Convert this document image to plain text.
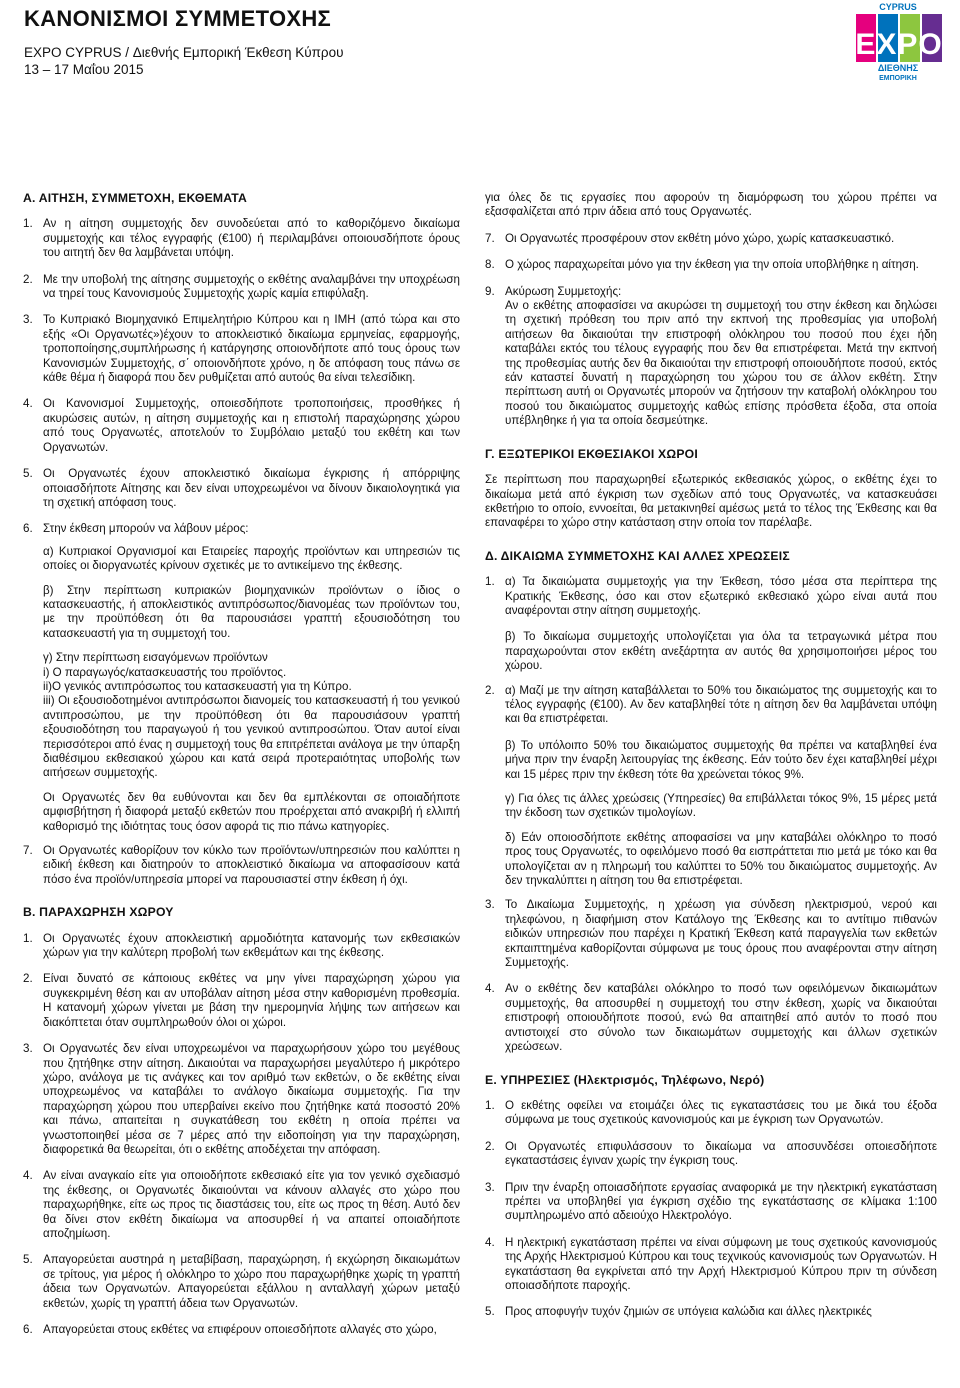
ΚΑΝΟΝΙΣΜΟΙ ΣΥΜΜΕΤΟΧΗΣ
EXPO CYPRUS / Διεθνής Εμπορική Έκθεση Κύπρου
13 – 17 Μαΐου 2015
CYPRUS
EXPO
ΔΙΕΘΝΗΣ
ΕΜΠΟΡΙΚΗ
Α. ΑΙΤΗΣΗ, ΣΥΜΜΕΤΟΧΗ, ΕΚΘΕΜΑΤΑ
1. Αν η αίτηση συμμετοχής δεν συνοδεύεται από το καθοριζόμενο δικαίωμα συμμετοχής και τέλος εγγραφής (€100) ή περιλαμβάνει οποιουσδήποτε όρους του αιτητή δεν θα λαμβάνεται υπόψη.
2. Με την υποβολή της αίτησης συμμετοχής ο εκθέτης αναλαμβάνει την υποχρέωση να τηρεί τους Κανονισμούς Συμμετοχής χωρίς καμία επιφύλαξη.
3. Το Κυπριακό Βιομηχανικό Επιμελητήριο Κύπρου και η ΙΜΗ (από τώρα και στο εξής «Οι Οργανωτές»)έχουν το αποκλειστικό δικαίωμα ερμηνείας, εφαρμογής, τροποποίησης,συμπλήρωσης ή κατάργησης οποιονδήποτε από τους όρους των Κανονισμών Συμμετοχής, σ΄ οποιονδήποτε χρόνο, η δε απόφαση τους πάνω σε κάθε θέμα ή διαφορά που δεν ρυθμίζεται από αυτούς θα είναι τελεσίδικη.
4. Οι Κανονισμοί Συμμετοχής, οποιεσδήποτε τροποποιήσεις, προσθήκες ή ακυρώσεις αυτών, η αίτηση συμμετοχής και η επιστολή παραχώρησης χώρου από τους Οργανωτές, αποτελούν το Συμβόλαιο μεταξύ του εκθέτη και των Οργανωτών.
5. Οι Οργανωτές έχουν αποκλειστικό δικαίωμα έγκρισης ή απόρριψης οποιασδήποτε Αίτησης και δεν είναι υποχρεωμένοι να δίνουν δικαιολογητικά για τη σχετική απόφαση τους.
6. Στην έκθεση μπορούν να λάβουν μέρος:

α) Κυπριακοί Οργανισμοί και Εταιρείες παροχής προϊόντων και υπηρεσιών τις οποίες οι διοργανωτές κρίνουν σχετικές με το αντικείμενο της έκθεσης.

β) Στην περίπτωση κυπριακών βιομηχανικών προϊόντων ο ίδιος ο κατασκευαστής, ή αποκλειστικός αντιπρόσωπος/διανομέας των προϊόντων του, με την προϋπόθεση ότι θα παρουσιάσει γραπτή εξουσιοδότηση του κατασκευαστή για τη συμμετοχή του.

γ) Στην περίπτωση εισαγόμενων προϊόντων

i) Ο παραγωγός/κατασκευαστής του προϊόντος.

ii)Ο γενικός αντιπρόσωπος του κατασκευαστή για τη Κύπρο.

iii) Οι εξουσιοδοτημένοι αντιπρόσωποι διανομείς του κατασκευαστή ή του γενικού αντιπροσώπου, με την προϋπόθεση ότι θα παρουσιάσουν γραπτή εξουσιοδότηση του παραγωγού ή του γενικού αντιπροσώπου. Όταν αυτοί είναι περισσότεροι από ένας η συμμετοχή τους θα επιτρέπεται ανάλογα με την ύπαρξη διαθέσιμου εκθεσιακού χώρου και κατά σειρά προτεραιότητας υποβολής των αιτήσεων συμμετοχής.

Οι Οργανωτές δεν θα ευθύνονται και δεν θα εμπλέκονται σε οποιαδήποτε αμφισβήτηση ή διαφορά μεταξύ εκθετών που προέρχεται από ανακριβή ή ελλιπή καθορισμό της ιδιότητας τους όσον αφορά τις πιο πάνω κατηγορίες.

7. Οι Οργανωτές καθορίζουν τον κύκλο των προϊόντων/υπηρεσιών που καλύπτει η ειδική έκθεση και διατηρούν το αποκλειστικό δικαίωμα να αποφασίσουν κατά πόσο ένα προϊόν/υπηρεσία μπορεί να παρουσιαστεί στην έκθεση ή όχι.
Β. ΠΑΡΑΧΩΡΗΣΗ ΧΩΡΟΥ
1. Οι Οργανωτές έχουν αποκλειστική αρμοδιότητα κατανομής των εκθεσιακών χώρων για την καλύτερη προβολή των εκθεμάτων και της έκθεσης.
2. Είναι δυνατό σε κάποιους εκθέτες να μην γίνει παραχώρηση χώρου για συγκεκριμένη θέση και αν υποβάλαν αίτηση μέσα στην καθορισμένη προθεσμία. Η κατανομή χώρων γίνεται με βάση την ημερομηνία λήψης των αιτήσεων και διακόπτεται όταν συμπληρωθούν όλοι οι χώροι.
3. Οι Οργανωτές δεν είναι υποχρεωμένοι να παραχωρήσουν χώρο του μεγέθους που ζητήθηκε στην αίτηση. Δικαιούται να παραχωρήσει μεγαλύτερο ή μικρότερο χώρο, ανάλογα με τις ανάγκες και τον αριθμό των εκθετών, ο δε εκθέτης είναι υποχρεωμένος να καταβάλει το ανάλογο δικαίωμα συμμετοχής. Για την παραχώρηση χώρου που υπερβαίνει εκείνο που ζητήθηκε κατά ποσοστό 20% και πάνω, απαιτείται η συγκατάθεση του εκθέτη η οποία πρέπει να γνωστοποιηθεί μέσα σε 7 μέρες από την ειδοποίηση για την παραχώρηση, διαφορετικά θα θεωρείται, ότι ο εκθέτης αποδέχεται την απόφαση.
4. Αν είναι αναγκαίο είτε για οποιοδήποτε εκθεσιακό είτε για τον γενικό σχεδιασμό της έκθεσης, οι Οργανωτές δικαιούνται να κάνουν αλλαγές στο χώρο που παραχωρήθηκε, είτε ως προς τις διαστάσεις του, είτε ως προς τη θέση. Αυτό δεν θα δίνει στον εκθέτη δικαίωμα να αποσυρθεί ή να απαιτεί οποιαδήποτε αποζημίωση.
5. Απαγορεύεται αυστηρά η μεταβίβαση, παραχώρηση, ή εκχώρηση δικαιωμάτων σε τρίτους, για μέρος ή ολόκληρο το χώρο που παραχωρήθηκε χωρίς τη γραπτή άδεια των Οργανωτών. Απαγορεύεται εξάλλου η ανταλλαγή χώρων μεταξύ εκθετών, χωρίς τη γραπτή άδεια των Οργανωτών.
6. Απαγορεύεται στους εκθέτες να επιφέρουν οποιεσδήποτε αλλαγές στο χώρο,

για όλες δε τις εργασίες που αφορούν τη διαμόρφωση του χώρου πρέπει να εξασφαλίζεται από πριν άδεια από τους Οργανωτές.

7. Οι Οργανωτές προσφέρουν στον εκθέτη μόνο χώρο, χωρίς κατασκευαστικό.
8. Ο χώρος παραχωρείται μόνο για την έκθεση για την οποία υποβλήθηκε η αίτηση.
9. Ακύρωση Συμμετοχής:
Αν ο εκθέτης αποφασίσει να ακυρώσει τη συμμετοχή του στην έκθεση και δηλώσει τη σχετική πρόθεση του πριν από την εκπνοή της προθεσμίας για υποβολή αιτήσεων θα δικαιούται την επιστροφή ολόκληρου του ποσού που έχει ήδη καταβάλει εκτός του τέλους εγγραφής που δεν θα επιστρέφεται. Μετά την εκπνοή της προθεσμίας αυτής δεν θα δικαιούται την επιστροφή οποιουδήποτε ποσού, εκτός εάν καταστεί δυνατή η παραχώρηση του χώρου του σε άλλον εκθέτη. Στην περίπτωση αυτή οι Οργανωτές μπορούν να ζητήσουν την καταβολή ολόκληρου του ποσού του δικαιώματος συμμετοχής καθώς επίσης πρόσθετα έξοδα, στα οποία υπέβληθηκε ή για τα οποία δεσμεύτηκε.
Γ. ΕΞΩΤΕΡΙΚΟΙ ΕΚΘΕΣΙΑΚΟΙ ΧΩΡΟΙ

Σε περίπτωση που παραχωρηθεί εξωτερικός εκθεσιακός χώρος, ο εκθέτης έχει το δικαίωμα μετά από έγκριση των σχεδίων από τους Οργανωτές, να κατασκευάσει εκθετήριο το οποίο, εννοείται, θα μετακινηθεί αμέσως μετά το τέλος της Έκθεσης και θα επαναφέρει το χώρο στην κατάσταση στην οποία τον παρέλαβε.

Δ. ΔΙΚΑΙΩΜΑ ΣΥΜΜΕΤΟΧΗΣ ΚΑΙ ΑΛΛΕΣ ΧΡΕΩΣΕΙΣ
1. α) Τα δικαιώματα συμμετοχής για την Έκθεση, τόσο μέσα στα περίπτερα της Κρατικής Έκθεσης, όσο και στον εξωτερικό εκθεσιακό χώρο είναι αυτά που αναφέρονται στην αίτηση συμμετοχής.

β) Το δικαίωμα συμμετοχής υπολογίζεται για όλα τα τετραγωνικά μέτρα που παραχωρούνται στον εκθέτη ανεξάρτητα αν αυτός θα χρησιμοποιήσει μέρος του χώρου.

2. α) Μαζί με την αίτηση καταβάλλεται το 50% του δικαιώματος της συμμετοχής και το τέλος εγγραφής (€100). Αν δεν καταβληθεί τότε η αίτηση δεν θα λαμβάνεται υπόψη και θα επιστρέφεται.

β) Το υπόλοιπο 50% του δικαιώματος συμμετοχής θα πρέπει να καταβληθεί ένα μήνα πριν την έναρξη λειτουργίας της έκθεσης. Εάν τούτο δεν έχει καταβληθεί μέχρι και 15 μέρες πριν την έκθεση τότε θα χρεώνεται τόκος 9%.

γ) Για όλες τις άλλες χρεώσεις (Υπηρεσίες) θα επιβάλλεται τόκος 9%, 15 μέρες μετά την έκδοση των σχετικών τιμολογίων.

δ) Εάν οποιοσδήποτε εκθέτης αποφασίσει να μην καταβάλει ολόκληρο το ποσό προς τους Οργανωτές, το οφειλόμενο ποσό θα εισπράττεται πιο μετά με τόκο και θα υπολογίζεται αν η πληρωμή του καλύπτει το 50% του δικαιώματος συμμετοχής. Αν δεν τηνκαλύπτει η αίτηση του θα επιστρέφεται.

3. Το Δικαίωμα Συμμετοχής, η χρέωση για σύνδεση ηλεκτρισμού, νερού και τηλεφώνου, η διαφήμιση στον Κατάλογο της Έκθεσης και το αντίτιμο πιθανών ειδικών υπηρεσιών που παρέχει η Κρατική Έκθεση κατά παραγγελία των εκθετών εκπαιπτημένα καθορίζονται σύμφωνα με τους όρους που αναφέρονται στην αίτηση Συμμετοχής.
4. Αν ο εκθέτης δεν καταβάλει ολόκληρο το ποσό των οφειλόμενων δικαιωμάτων συμμετοχής, θα αποσυρθεί η συμμετοχή του στην έκθεση, χωρίς να δικαιούται επιστροφή οποιουδήποτε ποσού, ενώ θα απαιτηθεί από αυτόν το ποσό που αντιστοιχεί στο σύνολο των δικαιωμάτων συμμετοχής και άλλων σχετικών χρεώσεων.
Ε. ΥΠΗΡΕΣΙΕΣ (Ηλεκτρισμός, Τηλέφωνο, Νερό)
1. Ο εκθέτης οφείλει να ετοιμάζει όλες τις εγκαταστάσεις του με δικά του έξοδα σύμφωνα με τους σχετικούς κανονισμούς και με έγκριση των Οργανωτών.
2. Οι Οργανωτές επιφυλάσσουν το δικαίωμα να αποσυνδέσει οποιεσδήποτε εγκαταστάσεις έγιναν χωρίς την έγκριση τους.
3. Πριν την έναρξη οποιασδήποτε εργασίας αναφορικά με την ηλεκτρική εγκατάσταση πρέπει να υποβληθεί για έγκριση σχέδιο της εγκατάστασης σε κλίμακα 1:100 συμπληρωμένο από αδειούχο Ηλεκτρολόγο.
4. Η ηλεκτρική εγκατάσταση πρέπει να είναι σύμφωνη με τους σχετικούς κανονισμούς της Αρχής Ηλεκτρισμού Κύπρου και τους τεχνικούς κανονισμούς των Οργανωτών. Η εγκατάσταση θα εγκρίνεται από την Αρχή Ηλεκτρισμού Κύπρου πριν τη σύνδεση οποιασδήποτε παροχής.
5. Προς αποφυγήν τυχόν ζημιών σε υπόγεια καλώδια και άλλες ηλεκτρικές
